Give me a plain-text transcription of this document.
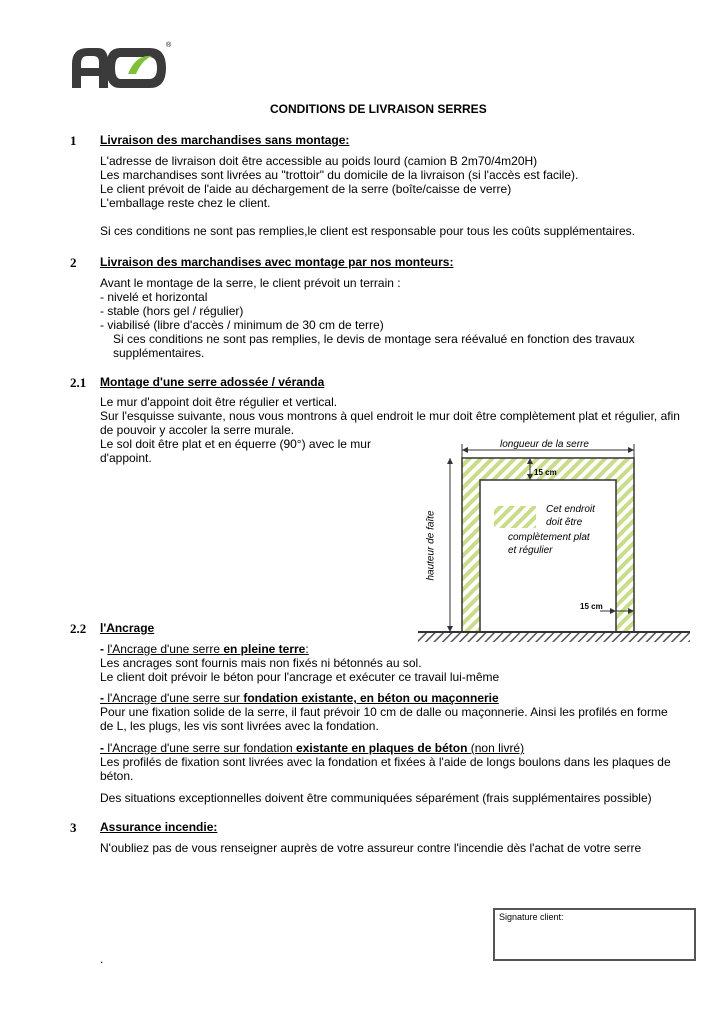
®
CONDITIONS DE LIVRAISON SERRES
1 Livraison des marchandises sans montage:
L'adresse de livraison doit être accessible au poids lourd (camion B 2m70/4m20H)
Les marchandises sont livrées au "trottoir" du domicile de la livraison (si l'accès est facile).
Le client prévoit de l'aide au déchargement de la serre (boîte/caisse de verre)
L'emballage reste chez le client.
Si ces conditions ne sont pas remplies,le client est responsable pour tous les coûts supplémentaires.
2 Livraison des marchandises avec montage par nos monteurs:
Avant le montage de la serre, le client prévoit un terrain :
- nivelé et horizontal
- stable (hors gel / régulier)
- viabilisé (libre d'accès / minimum de 30 cm de terre)
Si ces conditions ne sont pas remplies, le devis de montage sera réévalué en fonction des travaux
supplémentaires.
2.1 Montage d'une serre adossée / véranda
Le mur d'appoint doit être régulier et vertical.
Sur l'esquisse suivante, nous vous montrons à quel endroit le mur doit être complètement plat et régulier, afin
de pouvoir y accoler la serre murale.
Le sol doit être plat et en équerre (90°) avec le mur
d'appoint.
longueur de la serre
15 cm
15 cm
hauteur de faîte
Cet endroit
doit être
complètement plat
et régulier
2.2 l'Ancrage
- l'Ancrage d'une serre en pleine terre:
Les ancrages sont fournis mais non fixés ni bétonnés au sol.
Le client doit prévoir le béton pour l'ancrage et exécuter ce travail lui-même
- l'Ancrage d'une serre sur fondation existante, en béton ou maçonnerie
Pour une fixation solide de la serre, il faut prévoir 10 cm de dalle ou maçonnerie. Ainsi les profilés en forme
de L, les plugs, les vis sont livrées avec la fondation.
- l'Ancrage d'une serre sur fondation existante en plaques de béton (non livré)
Les profilés de fixation sont livrées avec la fondation et fixées à l'aide de longs boulons dans les plaques de
béton.
Des situations exceptionnelles doivent être communiquées séparément (frais supplémentaires possible)
3 Assurance incendie:
N'oubliez pas de vous renseigner auprès de votre assureur contre l'incendie dès l'achat de votre serre
Signature client:
.
